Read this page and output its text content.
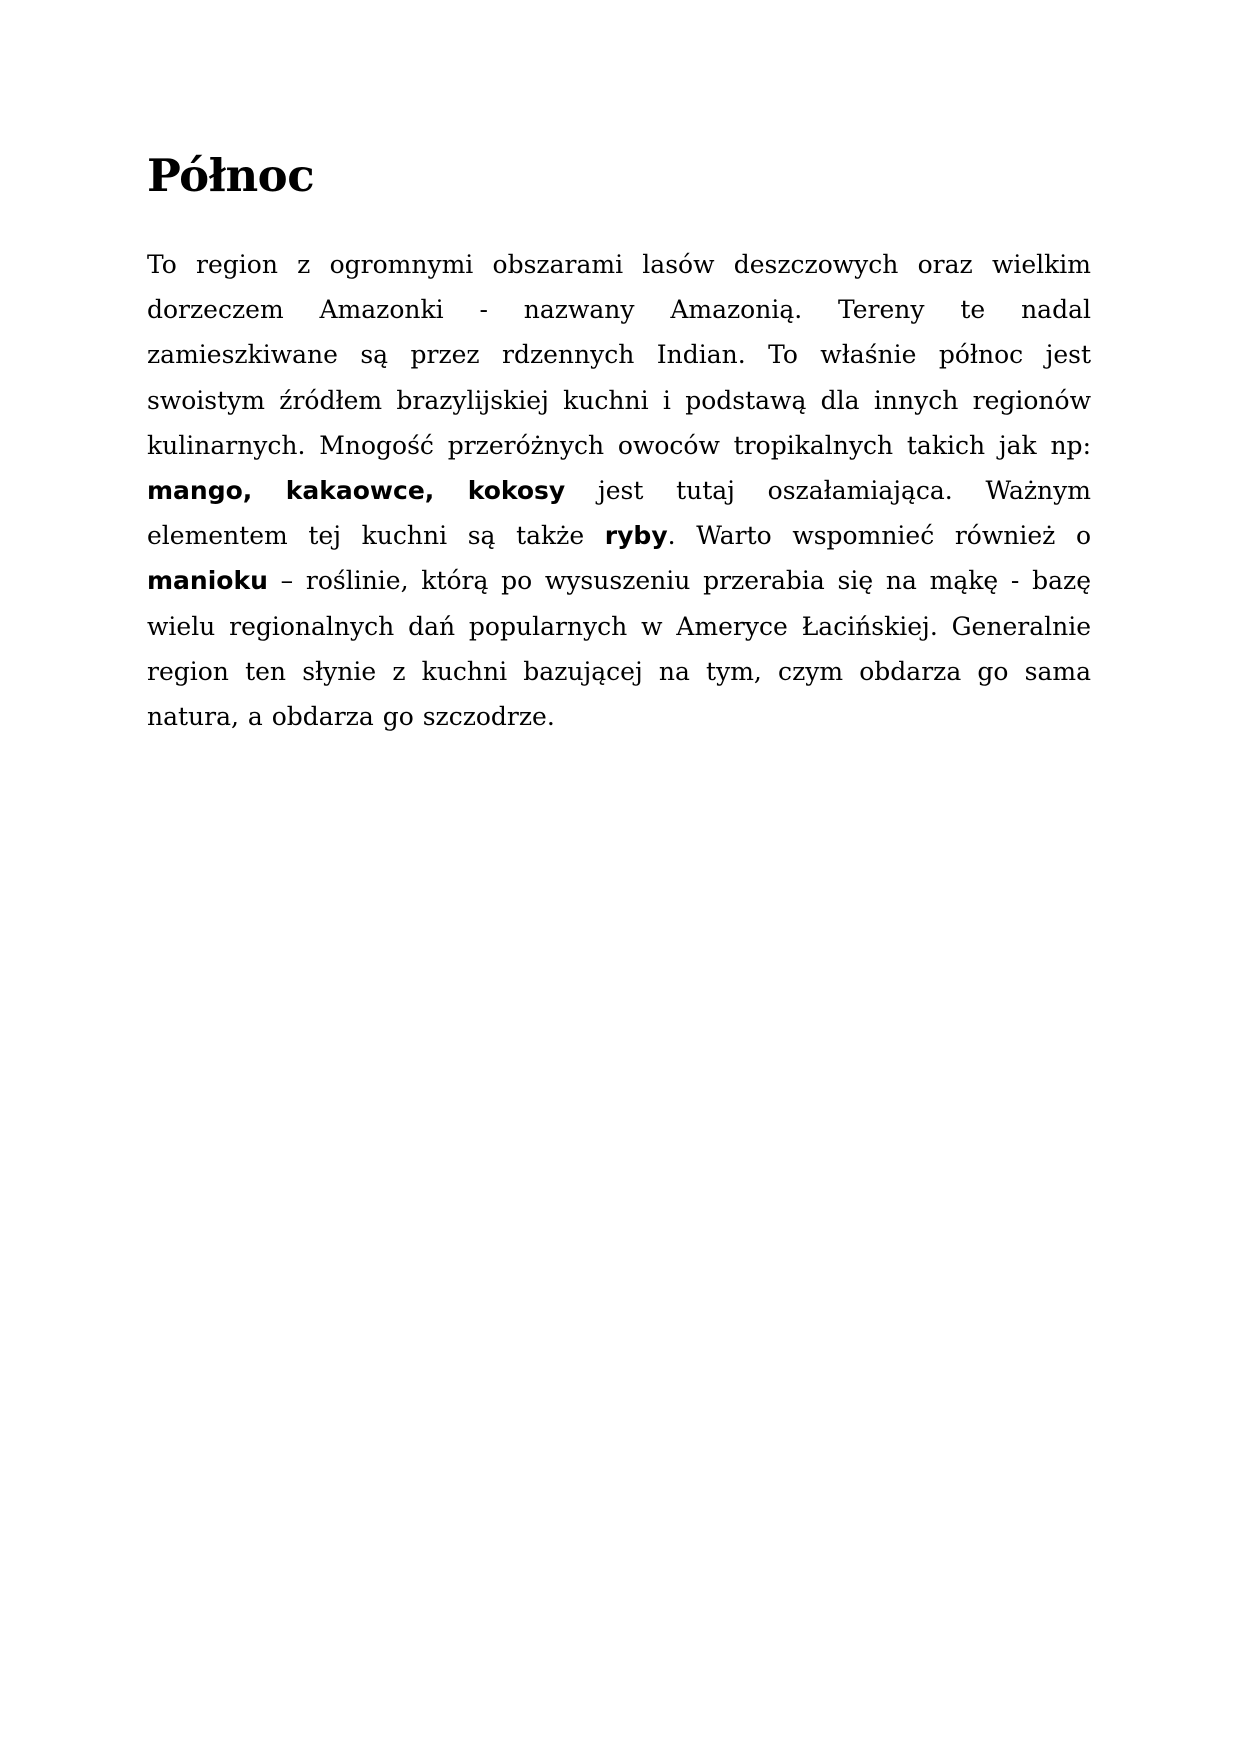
Północ

To region z ogromnymi obszarami lasów deszczowych oraz wielkim dorzeczem Amazonki - nazwany Amazonią. Tereny te nadal zamieszkiwane są przez rdzennych Indian. To właśnie północ jest swoistym źródłem brazylijskiej kuchni i podstawą dla innych regionów kulinarnych. Mnogość przeróżnych owoców tropikalnych takich jak np: mango, kakaowce, kokosy jest tutaj oszałamiająca. Ważnym elementem tej kuchni są także ryby. Warto wspomnieć również o manioku – roślinie, którą po wysuszeniu przerabia się na mąkę - bazę wielu regionalnych dań popularnych w Ameryce Łacińskiej. Generalnie region ten słynie z kuchni bazującej na tym, czym obdarza go sama natura, a obdarza go szczodrze.
